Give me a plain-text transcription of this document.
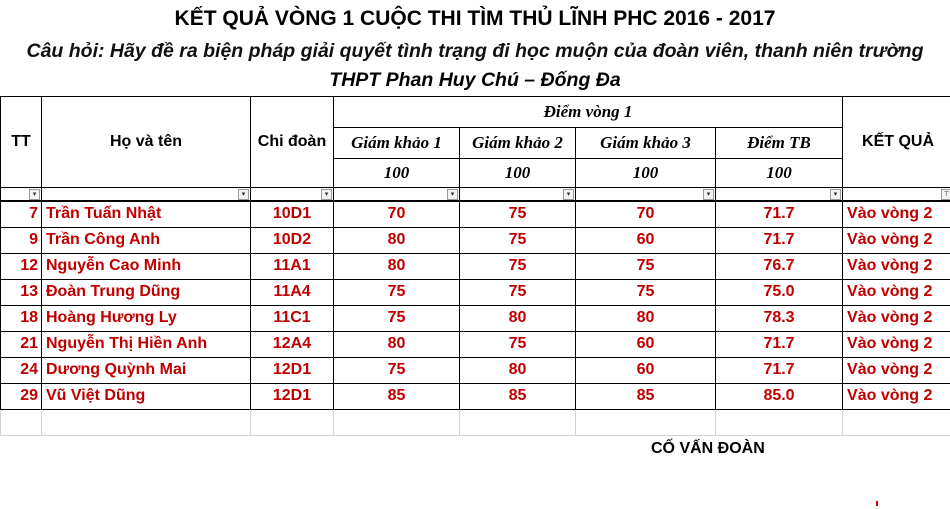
KẾT QUẢ VÒNG 1 CUỘC THI TÌM THỦ LĨNH PHC 2016 - 2017
Câu hỏi: Hãy đề ra biện pháp giải quyết tình trạng đi học muộn của đoàn viên, thanh niên trường
THPT Phan Huy Chú – Đống Đa
TT	Họ và tên	Chi đoàn	Điểm vòng 1				KẾT QUẢ
			Giám khảo 1	Giám khảo 2	Giám khảo 3	Điểm TB	
			100	100	100	100	

▾	▾	▾	▾	▾	▾	▾	⊤

7	Trần Tuấn Nhật	10D1	70	75	70	71.7	Vào vòng 2
9	Trần Công Anh	10D2	80	75	60	71.7	Vào vòng 2
12	Nguyễn Cao Minh	11A1	80	75	75	76.7	Vào vòng 2
13	Đoàn Trung Dũng	11A4	75	75	75	75.0	Vào vòng 2
18	Hoàng Hương Ly	11C1	75	80	80	78.3	Vào vòng 2
21	Nguyễn Thị Hiền Anh	12A4	80	75	60	71.7	Vào vòng 2
24	Dương Quỳnh Mai	12D1	75	80	60	71.7	Vào vòng 2
29	Vũ Việt Dũng	12D1	85	85	85	85.0	Vào vòng 2

CỐ VẤN ĐOÀN
